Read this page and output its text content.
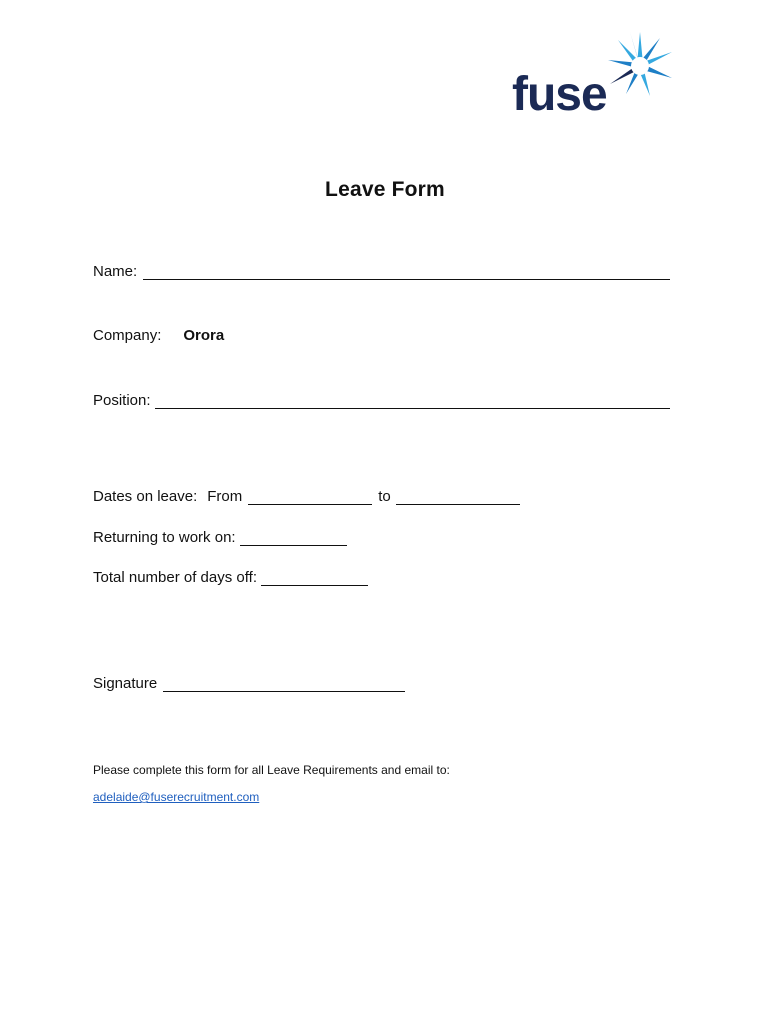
fuse
Leave Form
Name:
Company: Orora
Position:
Dates on leave: From	to
Returning to work on:
Total number of days off:
Signature
Please complete this form for all Leave Requirements and email to:
adelaide@fuserecruitment.com
